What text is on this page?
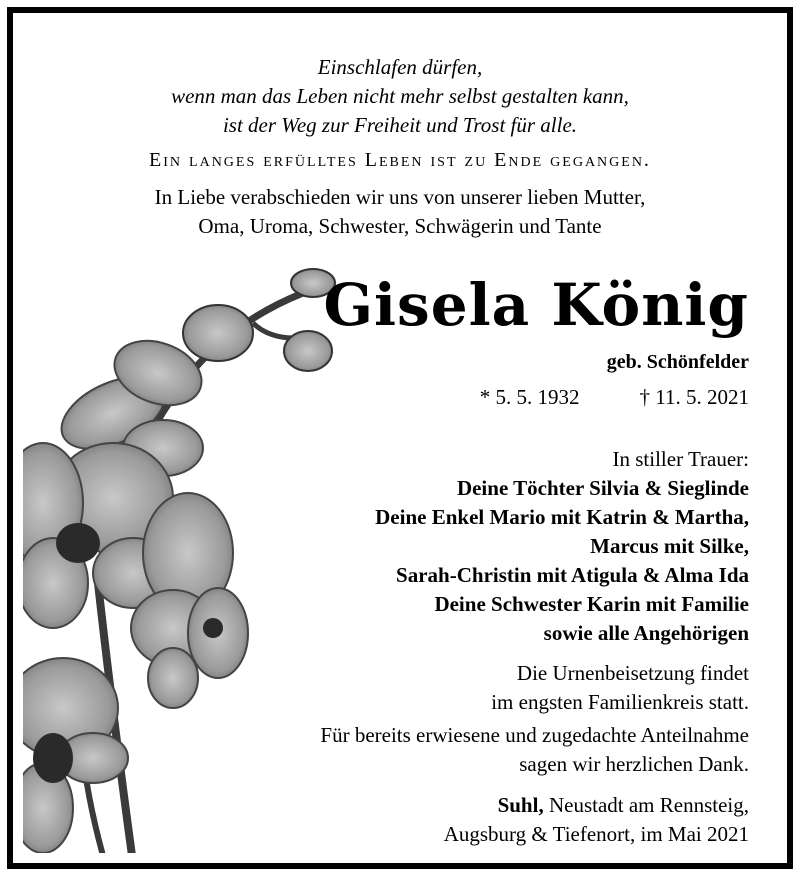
Einschlafen dürfen,
wenn man das Leben nicht mehr selbst gestalten kann,
ist der Weg zur Freiheit und Trost für alle.
Ein langes erfülltes Leben ist zu Ende gegangen.
In Liebe verabschieden wir uns von unserer lieben Mutter,
Oma, Uroma, Schwester, Schwägerin und Tante
Gisela König
geb. Schönfelder
* 5. 5. 1932	† 11. 5. 2021
In stiller Trauer:
Deine Töchter Silvia & Sieglinde
Deine Enkel Mario mit Katrin & Martha,
Marcus mit Silke,
Sarah-Christin mit Atigula & Alma Ida
Deine Schwester Karin mit Familie
sowie alle Angehörigen
Die Urnenbeisetzung findet
im engsten Familienkreis statt.
Für bereits erwiesene und zugedachte Anteilnahme
sagen wir herzlichen Dank.
Suhl, Neustadt am Rennsteig,
Augsburg & Tiefenort, im Mai 2021
